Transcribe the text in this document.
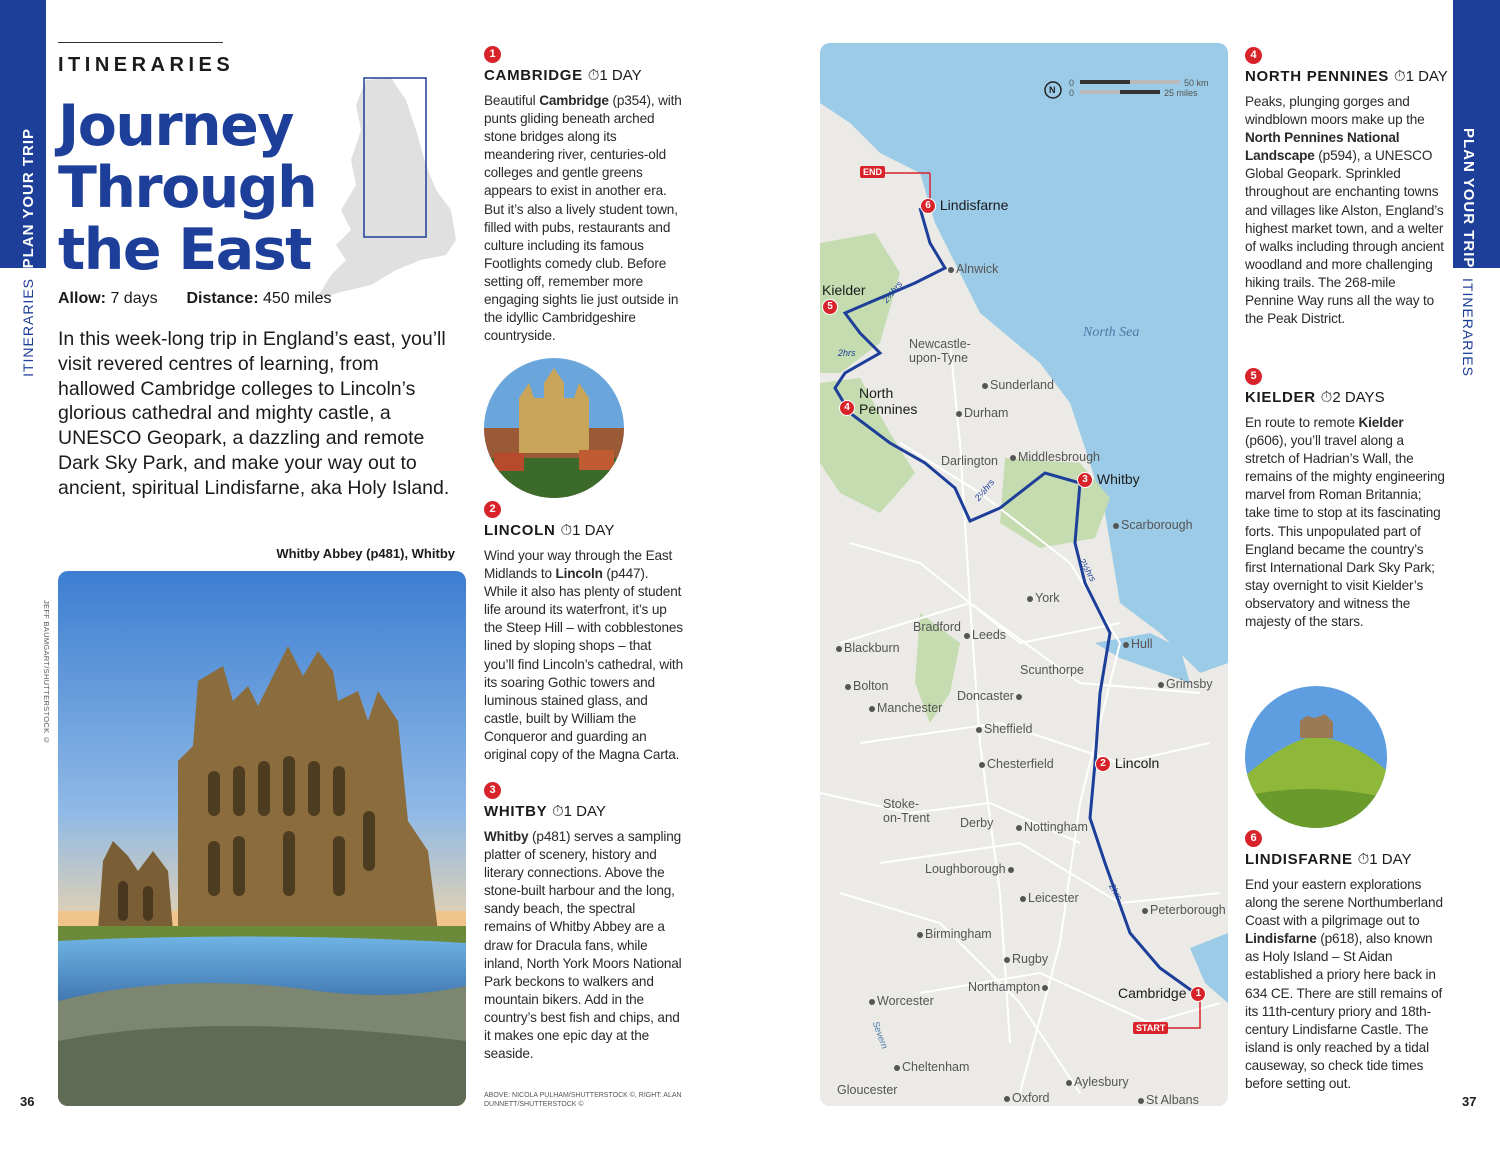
PLAN YOUR TRIP
ITINERARIES
PLAN YOUR TRIP
ITINERARIES
ITINERARIES
Journey Through the East
Allow: 7 days Distance: 450 miles
In this week-long trip in England’s east, you’ll visit revered centres of learning, from hallowed Cambridge colleges to Lincoln’s glorious cathedral and mighty castle, a UNESCO Geopark, a dazzling and remote Dark Sky Park, and make your way out to ancient, spiritual Lindisfarne, aka Holy Island.
Whitby Abbey (p481), Whitby
JEFF BAUMGART/SHUTTERSTOCK ©
36
1
CAMBRIDGE ⏱1 DAY

Beautiful Cambridge (p354), with punts gliding beneath arched stone bridges along its meandering river, centuries-old colleges and gentle greens appears to exist in another era. But it’s also a lively student town, filled with pubs, restaurants and culture including its famous Footlights comedy club. Before setting off, remember more engaging sights lie just outside in the idyllic Cambridgeshire countryside.

2
LINCOLN ⏱1 DAY

Wind your way through the East Midlands to Lincoln (p447). While it also has plenty of student life around its waterfront, it’s up the Steep Hill – with cobblestones lined by sloping shops – that you’ll find Lincoln’s cathedral, with its soaring Gothic towers and luminous stained glass, and castle, built by William the Conqueror and guarding an original copy of the Magna Carta.

3
WHITBY ⏱1 DAY

Whitby (p481) serves a sampling platter of scenery, history and literary connections. Above the stone-built harbour and the long, sandy beach, the spectral remains of Whitby Abbey are a draw for Dracula fans, while inland, North York Moors National Park beckons to walkers and mountain bikers. Add in the country’s best fish and chips, and it makes one epic day at the seaside.

ABOVE: NICOLA PULHAM/SHUTTERSTOCK ©, RIGHT: ALAN DUNNETT/SHUTTERSTOCK ©
N
0
0
50 km
25 miles
North Sea
END
START
6 Lindisfarne
Kielder
5
4
North Pennines
3 Whitby
2 Lincoln
Cambridge 1
2½hrs
2hrs
2½hrs
2½hrs
2hrs
Severn
Alnwick
Newcastle-upon-Tyne
Sunderland
Durham
Darlington	Middlesbrough
Scarborough
York
Bradford
Leeds
Blackburn	Hull
Scunthorpe
Bolton
Doncaster
Grimsby
Manchester
Sheffield
Chesterfield
Stoke-on-Trent Derby	Nottingham
Loughborough
Leicester
Peterborough
Birmingham
Rugby
Northampton
Worcester
Cheltenham
Gloucester
Aylesbury
Oxford	St Albans
4
NORTH PENNINES ⏱1 DAY

Peaks, plunging gorges and windblown moors make up the North Pennines National Landscape (p594), a UNESCO Global Geopark. Sprinkled throughout are enchanting towns and villages like Alston, England’s highest market town, and a welter of walks including through ancient woodland and more challenging hiking trails. The 268-mile Pennine Way runs all the way to the Peak District.

5
KIELDER ⏱2 DAYS

En route to remote Kielder (p606), you’ll travel along a stretch of Hadrian’s Wall, the remains of the mighty engineering marvel from Roman Britannia; take time to stop at its fascinating forts. This unpopulated part of England became the country’s first International Dark Sky Park; stay overnight to visit Kielder’s observatory and witness the majesty of the stars.

6
LINDISFARNE ⏱1 DAY

End your eastern explorations along the serene Northumberland Coast with a pilgrimage out to Lindisfarne (p618), also known as Holy Island – St Aidan established a priory here back in 634 CE. There are still remains of its 11th-century priory and 18th-century Lindisfarne Castle. The island is only reached by a tidal causeway, so check tide times before setting out.

37
